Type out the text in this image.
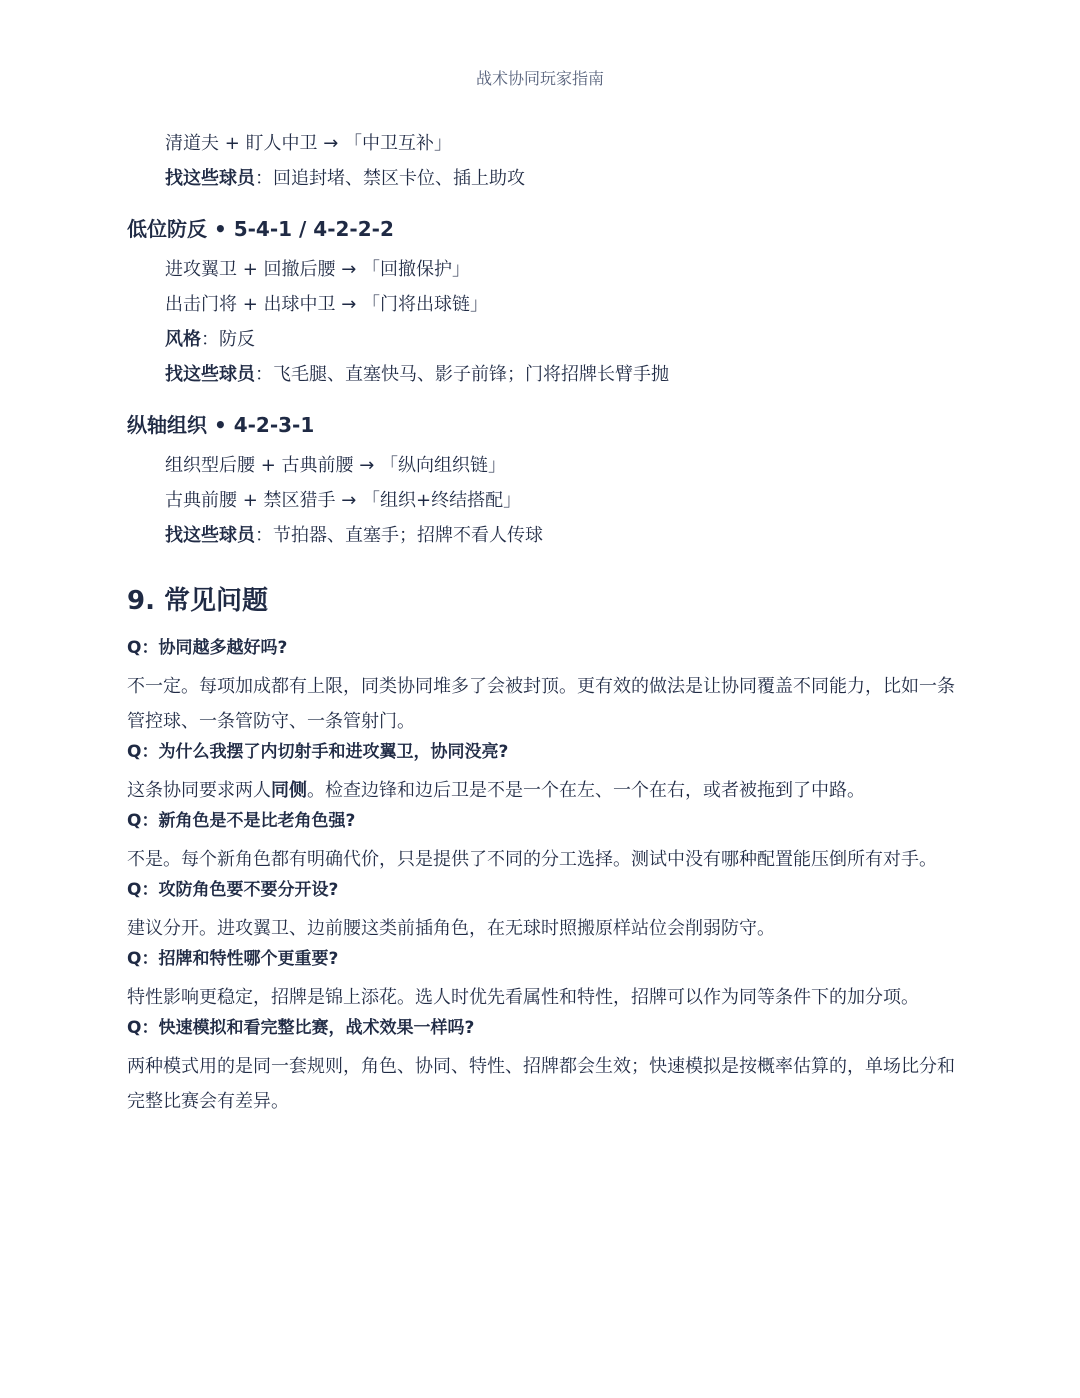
战术协同玩家指南
清道夫 + 盯人中卫 → 「中卫互补」
找这些球员：回追封堵、禁区卡位、插上助攻
低位防反 • 5-4-1 / 4-2-2-2
进攻翼卫 + 回撤后腰 → 「回撤保护」
出击门将 + 出球中卫 → 「门将出球链」
风格：防反
找这些球员：飞毛腿、直塞快马、影子前锋；门将招牌长臂手抛
纵轴组织 • 4-2-3-1
组织型后腰 + 古典前腰 → 「纵向组织链」
古典前腰 + 禁区猎手 → 「组织+终结搭配」
找这些球员：节拍器、直塞手；招牌不看人传球
9. 常见问题
Q：协同越多越好吗?
不一定。每项加成都有上限，同类协同堆多了会被封顶。更有效的做法是让协同覆盖不同能力，比如一条
管控球、一条管防守、一条管射门。
Q：为什么我摆了内切射手和进攻翼卫，协同没亮?
这条协同要求两人同侧。检查边锋和边后卫是不是一个在左、一个在右，或者被拖到了中路。
Q：新角色是不是比老角色强?
不是。每个新角色都有明确代价，只是提供了不同的分工选择。测试中没有哪种配置能压倒所有对手。
Q：攻防角色要不要分开设?
建议分开。进攻翼卫、边前腰这类前插角色，在无球时照搬原样站位会削弱防守。
Q：招牌和特性哪个更重要?
特性影响更稳定，招牌是锦上添花。选人时优先看属性和特性，招牌可以作为同等条件下的加分项。
Q：快速模拟和看完整比赛，战术效果一样吗?
两种模式用的是同一套规则，角色、协同、特性、招牌都会生效；快速模拟是按概率估算的，单场比分和
完整比赛会有差异。
